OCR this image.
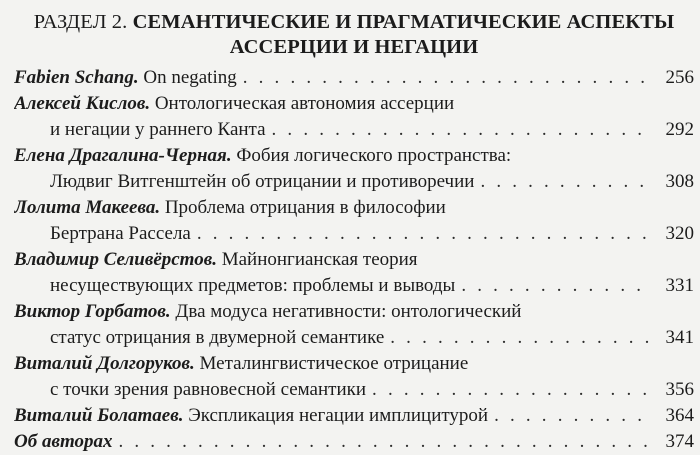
РАЗДЕЛ 2. СЕМАНТИЧЕСКИЕ И ПРАГМАТИЧЕСКИЕ АСПЕКТЫ
АССЕРЦИИ И НЕГАЦИИ
Fabien Schang. On negating . . .	256
Алексей Кислов. Онтологическая автономия ассерции
и негации у раннего Канта . . .	292
Елена Драгалина-Черная. Фобия логического пространства:
Людвиг Витгенштейн об отрицании и противоречии . . .	308
Лолита Макеева. Проблема отрицания в философии
Бертрана Рассела . . .	320
Владимир Селивёрстов. Майнонгианская теория
несуществующих предметов: проблемы и выводы . . .	331
Виктор Горбатов. Два модуса негативности: онтологический
статус отрицания в двумерной семантике . . .	341
Виталий Долгоруков. Металингвистическое отрицание
с точки зрения равновесной семантики . . .	356
Виталий Болатаев. Экспликация негации имплицитурой . . .	364
Об авторах . . .	374
